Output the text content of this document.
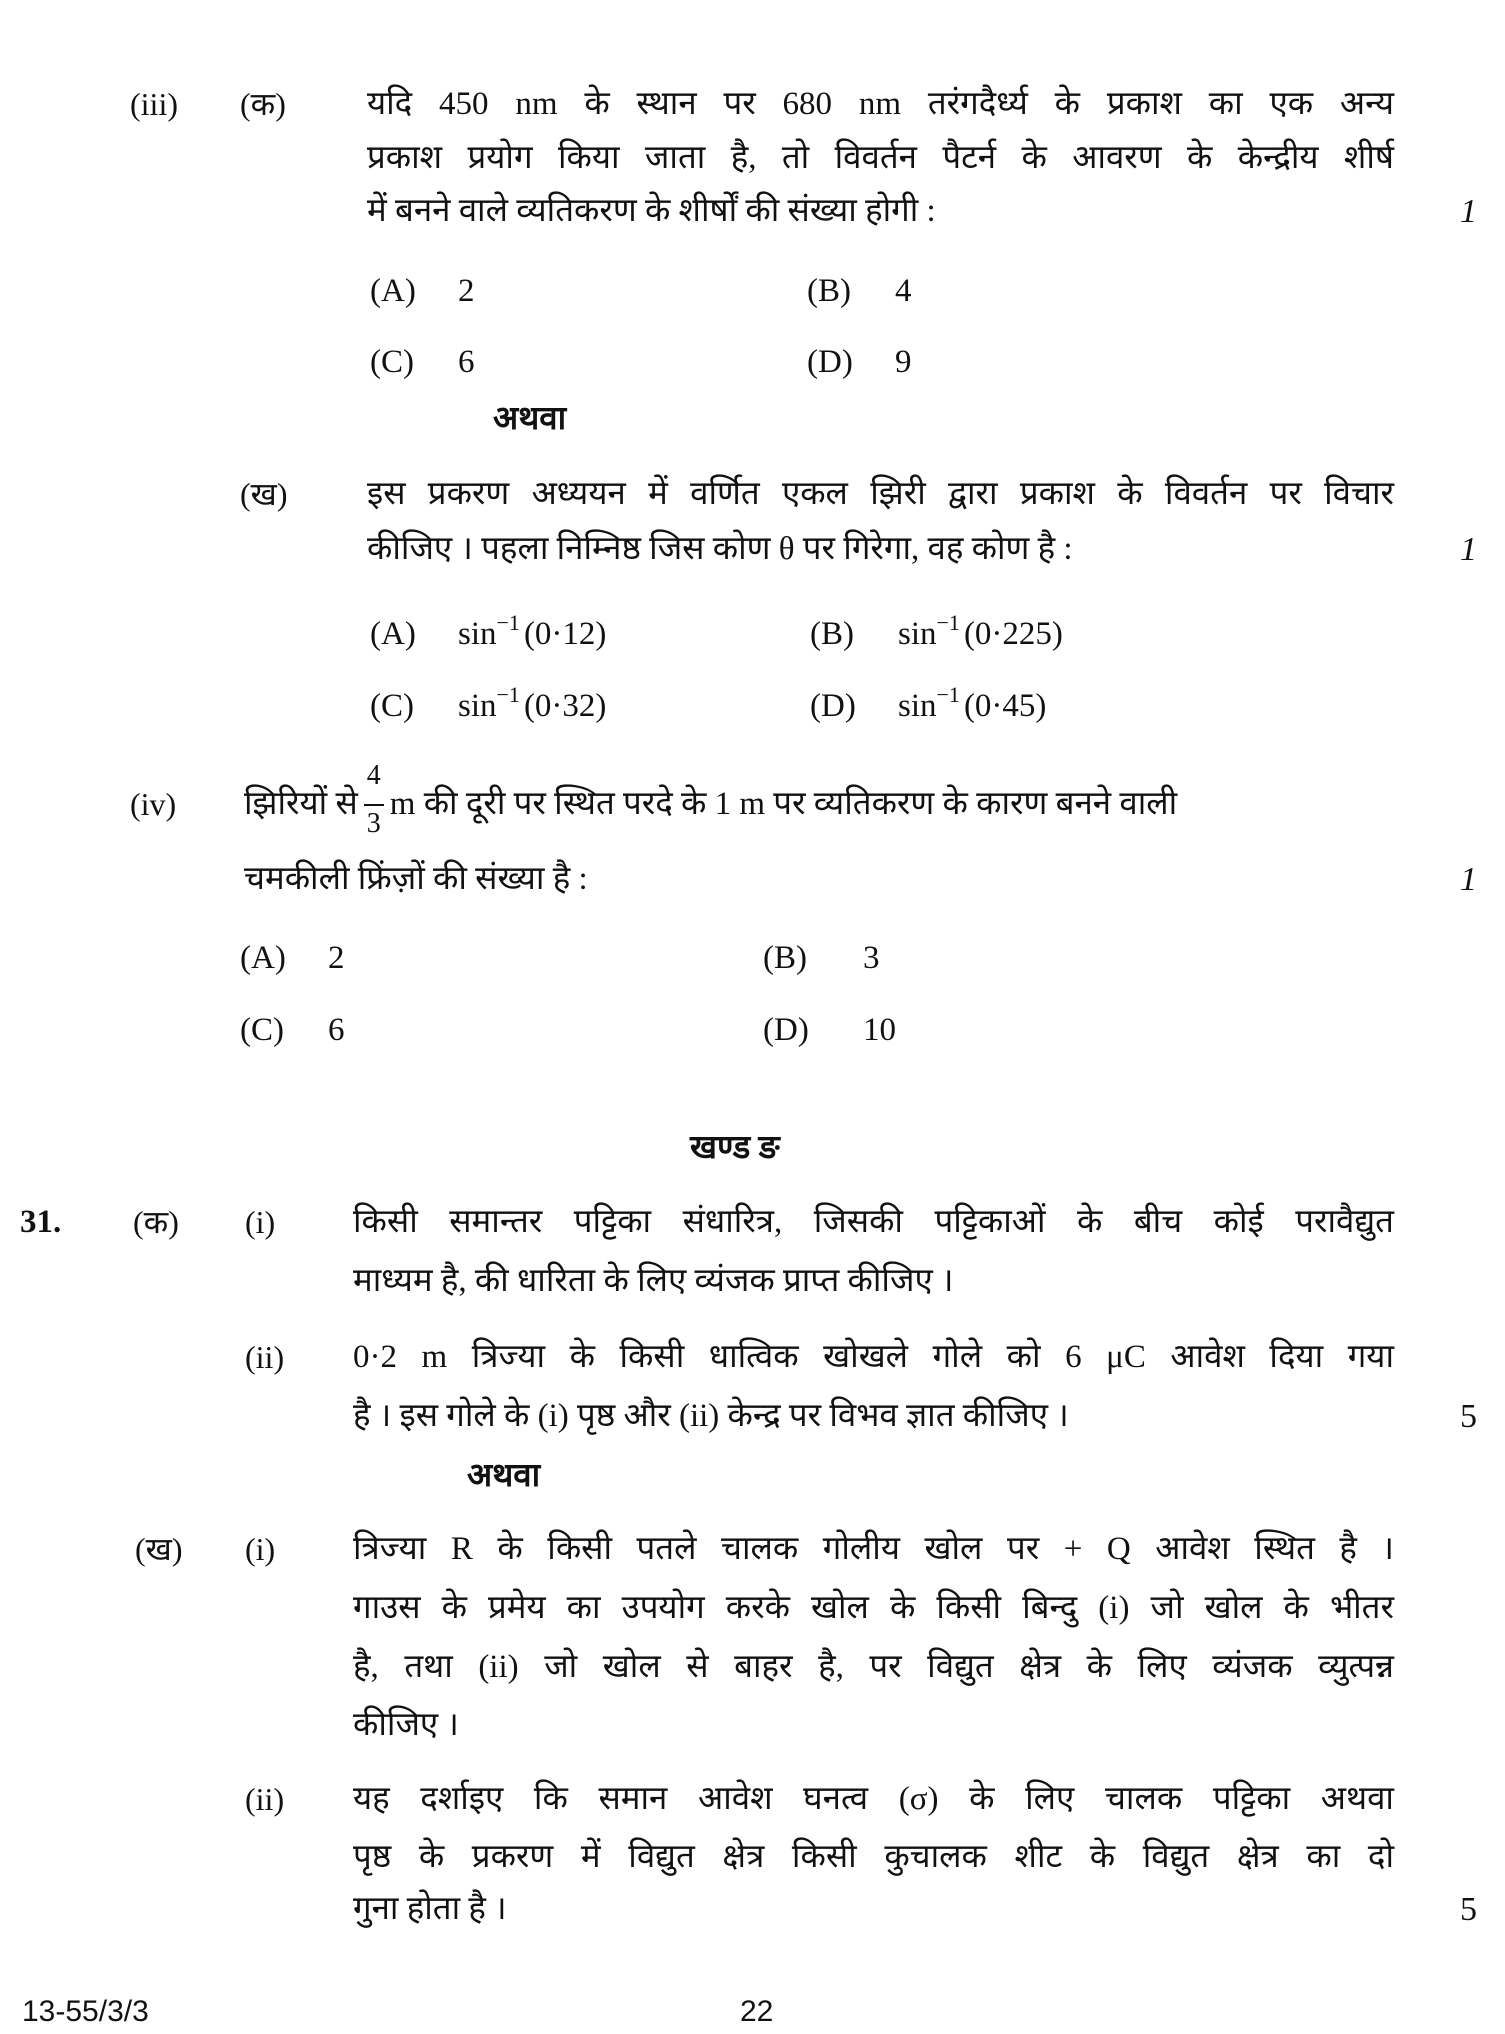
(iii) (क) यदि 450 nm के स्थान पर 680 nm तरंगदैर्ध्य के प्रकाश का एक अन्य
प्रकाश प्रयोग किया जाता है, तो विवर्तन पैटर्न के आवरण के केन्द्रीय शीर्ष
में बनने वाले व्यतिकरण के शीर्षों की संख्या होगी :	1
(A) 2	(B) 4
(C) 6	(D) 9
अथवा
(ख) इस प्रकरण अध्ययन में वर्णित एकल झिरी द्वारा प्रकाश के विवर्तन पर विचार
कीजिए । पहला निम्निष्ठ जिस कोण θ पर गिरेगा, वह कोण है :	1
(A) $\sin^{-1} (0\cdot 12)$	(B) $\sin^{-1} (0\cdot 225)$
(C) $\sin^{-1} (0\cdot 32)$	(D) $\sin^{-1} (0\cdot 45)$
(iv) झिरियों से $\frac{4}{3}$ m की दूरी पर स्थित परदे के 1 m पर व्यतिकरण के कारण बनने वाली
चमकीली फ्रिंज़ों की संख्या है :	1
(A) 2	(B) 3
(C) 6	(D) 10
खण्ड ङ
31. (क) (i) किसी समान्तर पट्टिका संधारित्र, जिसकी पट्टिकाओं के बीच कोई परावैद्युत
माध्यम है, की धारिता के लिए व्यंजक प्राप्त कीजिए ।
(ii) 0·2 m त्रिज्या के किसी धात्विक खोखले गोले को 6 μC आवेश दिया गया
है । इस गोले के (i) पृष्ठ और (ii) केन्द्र पर विभव ज्ञात कीजिए ।	5
अथवा
(ख) (i) त्रिज्या R के किसी पतले चालक गोलीय खोल पर + Q आवेश स्थित है ।
गाउस के प्रमेय का उपयोग करके खोल के किसी बिन्दु (i) जो खोल के भीतर
है, तथा (ii) जो खोल से बाहर है, पर विद्युत क्षेत्र के लिए व्यंजक व्युत्पन्न
कीजिए ।
(ii) यह दर्शाइए कि समान आवेश घनत्व (σ) के लिए चालक पट्टिका अथवा
पृष्ठ के प्रकरण में विद्युत क्षेत्र किसी कुचालक शीट के विद्युत क्षेत्र का दो
गुना होता है ।	5
13-55/3/3	22
